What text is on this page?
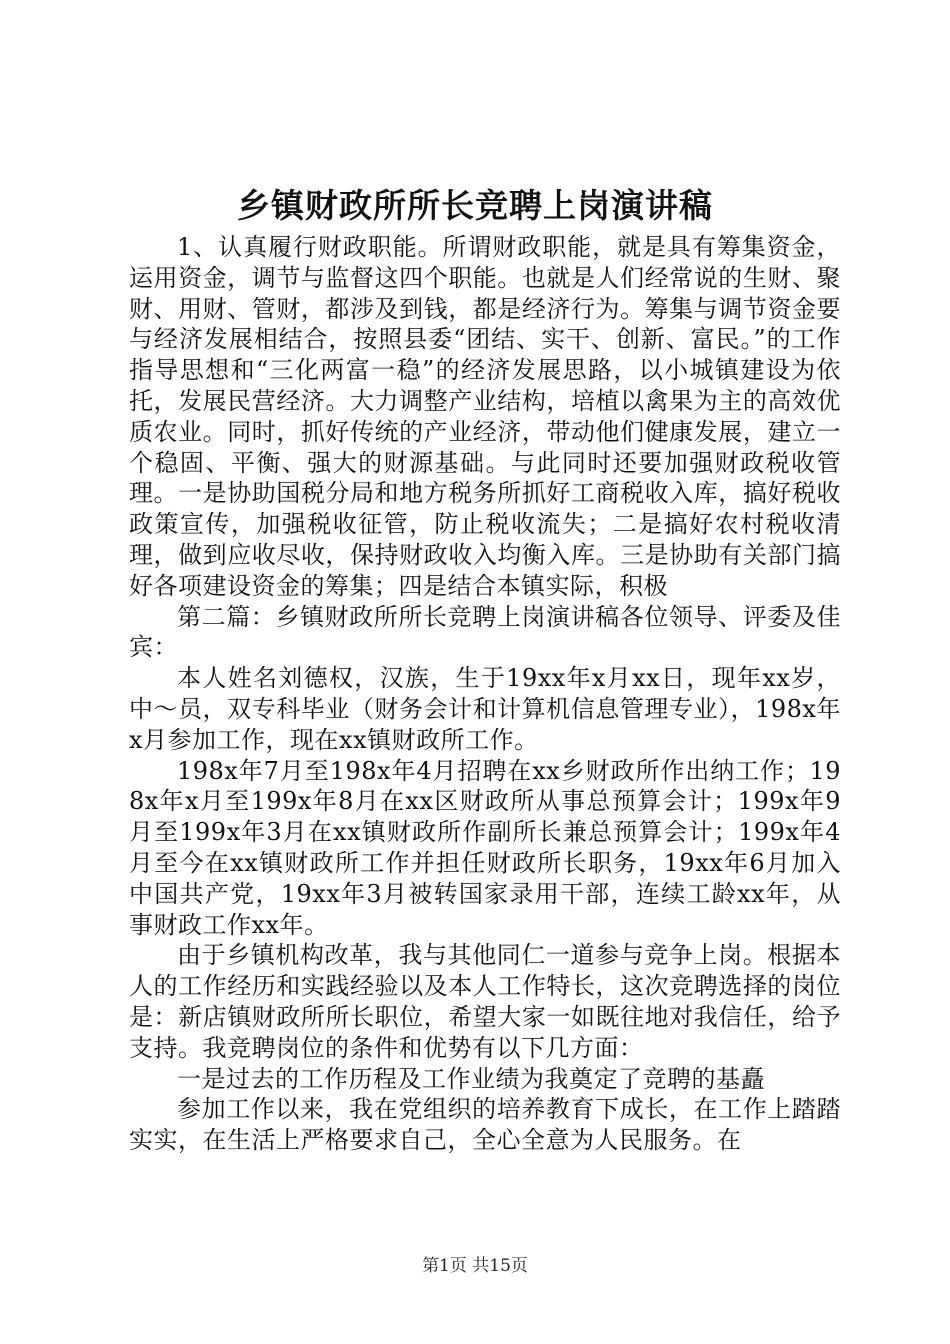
乡镇财政所所长竞聘上岗演讲稿

1、认真履行财政职能。所谓财政职能，就是具有筹集资金，运用资金，调节与监督这四个职能。也就是人们经常说的生财、聚财、用财、管财，都涉及到钱，都是经济行为。筹集与调节资金要与经济发展相结合，按照县委“团结、实干、创新、富民。”的工作指导思想和“三化两富一稳”的经济发展思路，以小城镇建设为依托，发展民营经济。大力调整产业结构，培植以禽果为主的高效优质农业。同时，抓好传统的产业经济，带动他们健康发展，建立一个稳固、平衡、强大的财源基础。与此同时还要加强财政税收管理。一是协助国税分局和地方税务所抓好工商税收入库，搞好税收政策宣传，加强税收征管，防止税收流失；二是搞好农村税收清理，做到应收尽收，保持财政收入均衡入库。三是协助有关部门搞好各项建设资金的筹集；四是结合本镇实际，积极

第二篇：乡镇财政所所长竞聘上岗演讲稿各位领导、评委及佳宾：

本人姓名刘德权，汉族，生于19xx年x月xx日，现年xx岁，中～员，双专科毕业（财务会计和计算机信息管理专业），198x年x月参加工作，现在xx镇财政所工作。

198x年7月至198x年4月招聘在xx乡财政所作出纳工作；198x年x月至199x年8月在xx区财政所从事总预算会计；199x年9月至199x年3月在xx镇财政所作副所长兼总预算会计；199x年4月至今在xx镇财政所工作并担任财政所长职务，19xx年6月加入中国共产党，19xx年3月被转国家录用干部，连续工龄xx年，从事财政工作xx年。

由于乡镇机构改革，我与其他同仁一道参与竞争上岗。根据本人的工作经历和实践经验以及本人工作特长，这次竞聘选择的岗位是：新店镇财政所所长职位，希望大家一如既往地对我信任，给予支持。我竞聘岗位的条件和优势有以下几方面：

一是过去的工作历程及工作业绩为我奠定了竞聘的基矗

参加工作以来，我在党组织的培养教育下成长，在工作上踏踏实实，在生活上严格要求自己，全心全意为人民服务。在

第1页 共15页
